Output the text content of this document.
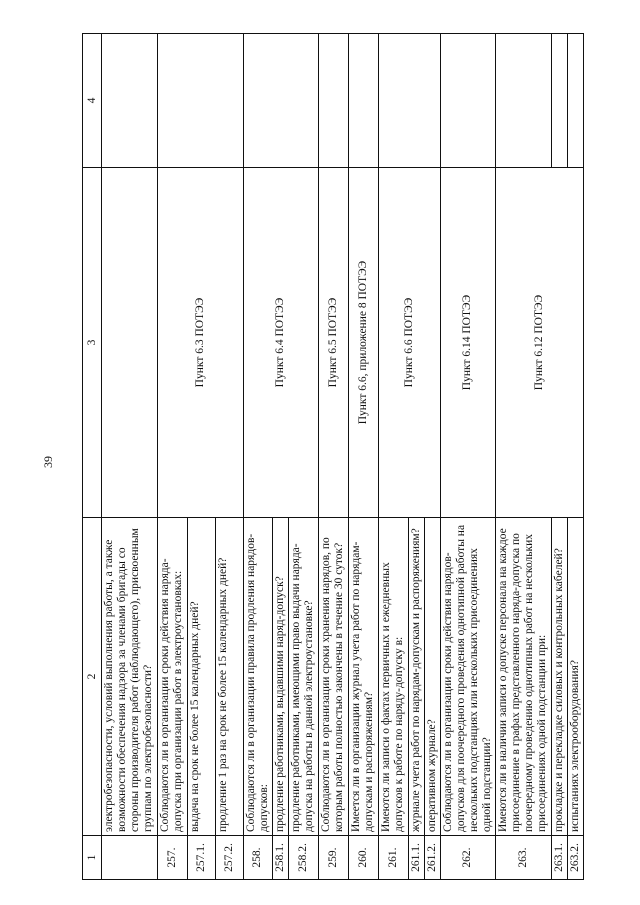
39
1	2	3	4
	электробезопасности, условий выполнения работы, а также возможности обеспечения надзора за членами бригады со стороны производителя работ (наблюдающего), присвоенным группам по электробезопасности?		
257.	Соблюдаются ли в организации сроки действия наряда-допуска при организации работ в электроустановках:	Пункт 6.3 ПОТЭЭ	
257.1.	выдача на срок не более 15 календарных дней?		
257.2.	продление 1 раз на срок не более 15 календарных дней?		
258.	Соблюдаются ли в организации правила продления нарядов-допусков:	Пункт 6.4 ПОТЭЭ	
258.1.	продление работниками, выдавшими наряд-допуск?		
258.2.	продление работниками, имеющими право выдачи наряда-допуска на работы в данной электроустановке?		
259.	Соблюдаются ли в организации сроки хранения нарядов, по которым работы полностью закончены в течение 30 суток?	Пункт 6.5 ПОТЭЭ	
260.	Имеется ли в организации журнал учета работ по нарядам-допускам и распоряжениям?	Пункт 6.6, приложение 8 ПОТЭЭ	
261.	Имеются ли записи о фактах первичных и ежедневных допусков к работе по наряду-допуску в:	Пункт 6.6 ПОТЭЭ	
261.1.	журнале учета работ по нарядам-допускам и распоряжениям?		
261.2.	оперативном журнале?		
262.	Соблюдаются ли в организации сроки действия нарядов-допусков для поочередного проведения однотипной работы на нескольких подстанциях или нескольких присоединениях одной подстанции?	Пункт 6.14 ПОТЭЭ	
263.	Имеются ли в наличии записи о допуске персонала на каждое присоединение в графах представленного наряда-допуска по поочередному проведению однотипных работ на нескольких присоединениях одной подстанции при:	Пункт 6.12 ПОТЭЭ	
263.1.	прокладке и перекладке силовых и контрольных кабелей?		
263.2.	испытаниях электрооборудования?		
